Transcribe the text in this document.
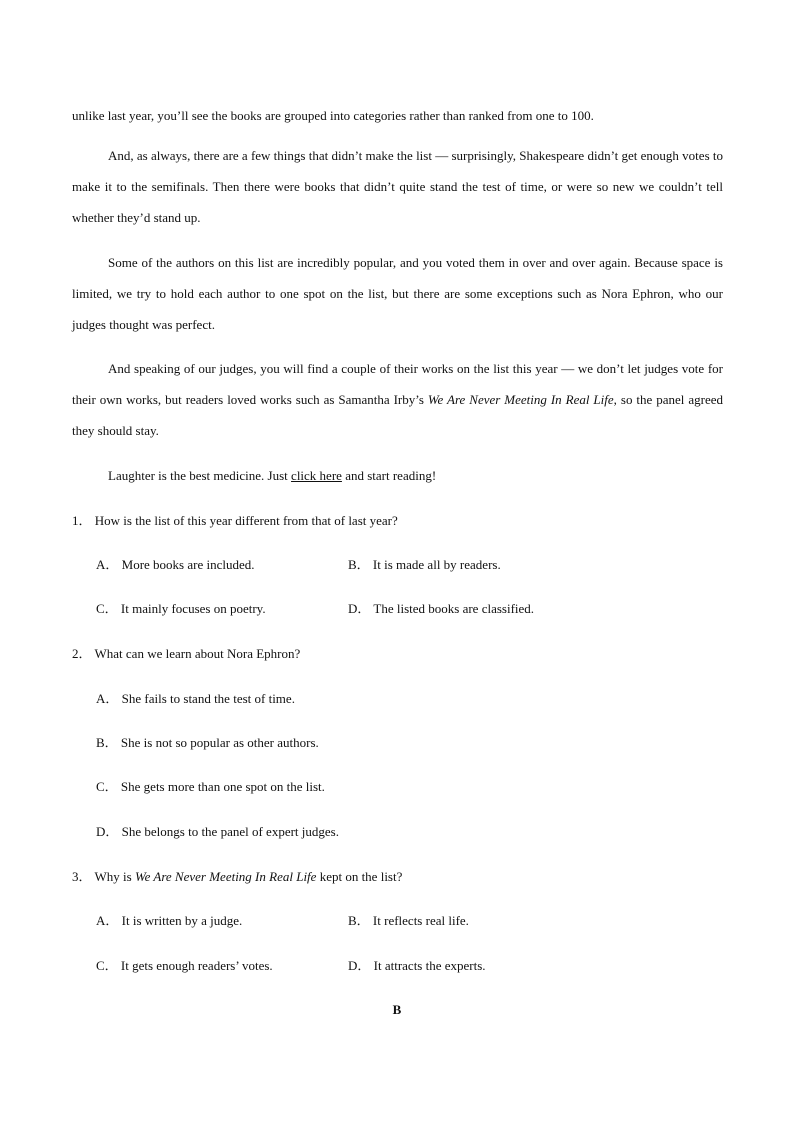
unlike last year, you’ll see the books are grouped into categories rather than ranked from one to 100.

And, as always, there are a few things that didn’t make the list — surprisingly, Shakespeare didn’t get enough votes to make it to the semifinals. Then there were books that didn’t quite stand the test of time, or were so new we couldn’t tell whether they’d stand up.

Some of the authors on this list are incredibly popular, and you voted them in over and over again. Because space is limited, we try to hold each author to one spot on the list, but there are some exceptions such as Nora Ephron, who our judges thought was perfect.

And speaking of our judges, you will find a couple of their works on the list this year — we don’t let judges vote for their own works, but readers loved works such as Samantha Irby’s We Are Never Meeting In Real Life, so the panel agreed they should stay.

Laughter is the best medicine. Just click here and start reading!

1． How is the list of this year different from that of last year?

A． More books are included.	B． It is made all by readers.

C． It mainly focuses on poetry.	D． The listed books are classified.

2． What can we learn about Nora Ephron?

A． She fails to stand the test of time.

B． She is not so popular as other authors.

C． She gets more than one spot on the list.

D． She belongs to the panel of expert judges.

3． Why is We Are Never Meeting In Real Life kept on the list?

A． It is written by a judge.	B． It reflects real life.

C． It gets enough readers’ votes.	D． It attracts the experts.

B
